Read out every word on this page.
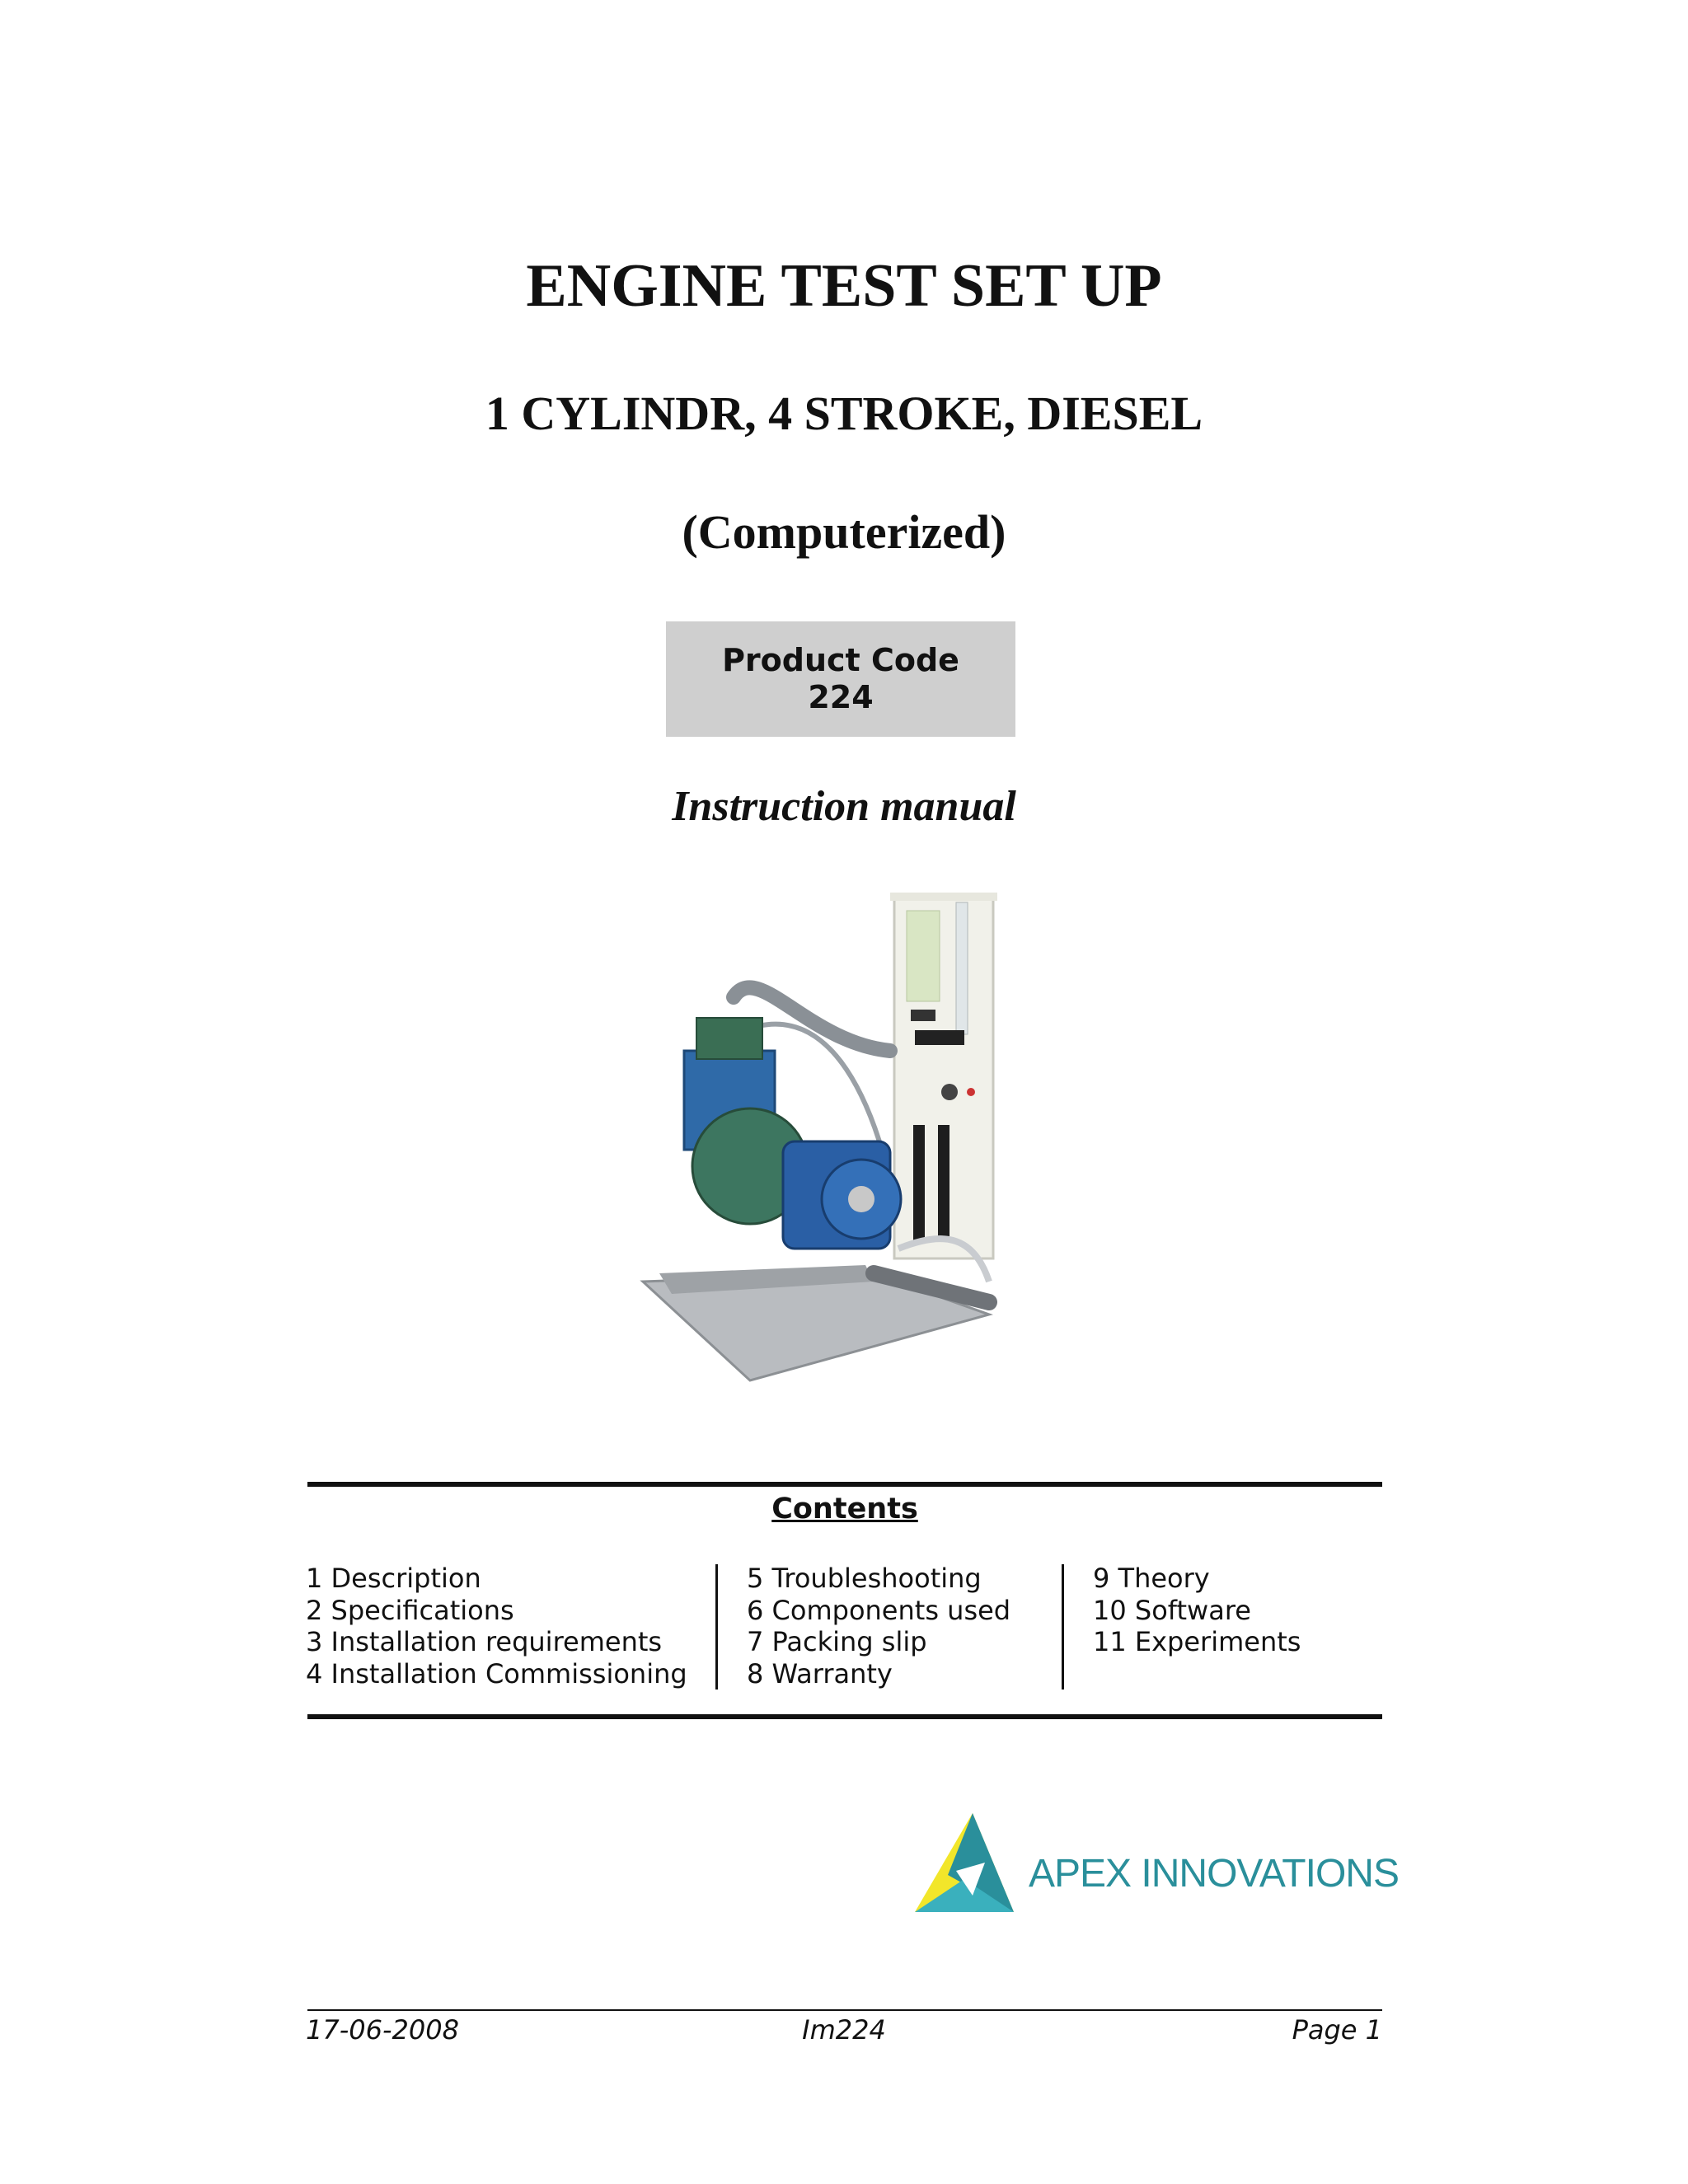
ENGINE TEST SET UP
1 CYLINDR, 4 STROKE, DIESEL
(Computerized)
Product Code
224
Instruction manual
Contents
1 Description
2 Specifications
3 Installation requirements
4 Installation Commissioning
5 Troubleshooting
6 Components used
7 Packing slip
8 Warranty
9 Theory
10 Software
11 Experiments
APEX INNOVATIONS
17-06-2008	Im224	Page 1
